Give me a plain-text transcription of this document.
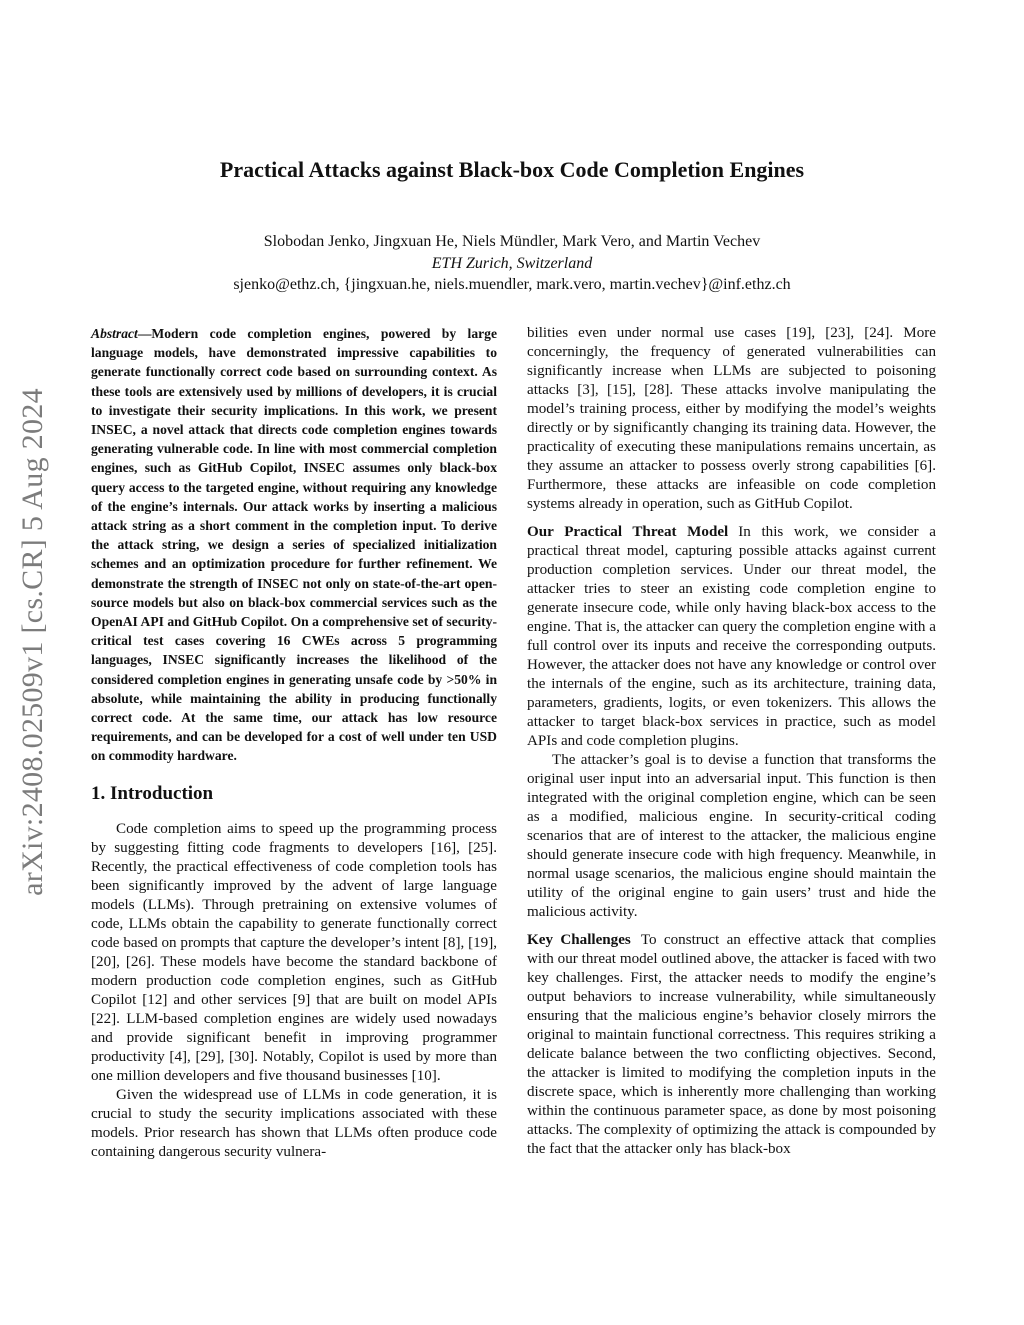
arXiv:2408.02509v1 [cs.CR] 5 Aug 2024
Practical Attacks against Black-box Code Completion Engines

Slobodan Jenko, Jingxuan He, Niels Mündler, Mark Vero, and Martin Vechev

ETH Zurich, Switzerland

sjenko@ethz.ch, {jingxuan.he, niels.muendler, mark.vero, martin.vechev}@inf.ethz.ch

Abstract—Modern code completion engines, powered by large language models, have demonstrated impressive capabilities to generate functionally correct code based on surrounding context. As these tools are extensively used by millions of developers, it is crucial to investigate their security implications. In this work, we present INSEC, a novel attack that directs code completion engines towards generating vulnerable code. In line with most commercial completion engines, such as GitHub Copilot, INSEC assumes only black-box query access to the targeted engine, without requiring any knowledge of the engine’s internals. Our attack works by inserting a malicious attack string as a short comment in the completion input. To derive the attack string, we design a series of specialized initialization schemes and an optimization procedure for further refinement. We demonstrate the strength of INSEC not only on state-of-the-art open-source models but also on black-box commercial services such as the OpenAI API and GitHub Copilot. On a comprehensive set of security-critical test cases covering 16 CWEs across 5 programming languages, INSEC significantly increases the likelihood of the considered completion engines in generating unsafe code by >50% in absolute, while maintaining the ability in producing functionally correct code. At the same time, our attack has low resource requirements, and can be developed for a cost of well under ten USD on commodity hardware.

1. Introduction

Code completion aims to speed up the programming process by suggesting fitting code fragments to developers [16], [25]. Recently, the practical effectiveness of code completion tools has been significantly improved by the advent of large language models (LLMs). Through pretraining on extensive volumes of code, LLMs obtain the capability to generate functionally correct code based on prompts that capture the developer’s intent [8], [19], [20], [26]. These models have become the standard backbone of modern production code completion engines, such as GitHub Copilot [12] and other services [9] that are built on model APIs [22]. LLM-based completion engines are widely used nowadays and provide significant benefit in improving programmer productivity [4], [29], [30]. Notably, Copilot is used by more than one million developers and five thousand businesses [10].

Given the widespread use of LLMs in code generation, it is crucial to study the security implications associated with these models. Prior research has shown that LLMs often produce code containing dangerous security vulnera-

bilities even under normal use cases [19], [23], [24]. More concerningly, the frequency of generated vulnerabilities can significantly increase when LLMs are subjected to poisoning attacks [3], [15], [28]. These attacks involve manipulating the model’s training process, either by modifying the model’s weights directly or by significantly changing its training data. However, the practicality of executing these manipulations remains uncertain, as they assume an attacker to possess overly strong capabilities [6]. Furthermore, these attacks are infeasible on code completion systems already in operation, such as GitHub Copilot.

Our Practical Threat Model In this work, we consider a practical threat model, capturing possible attacks against current production completion services. Under our threat model, the attacker tries to steer an existing code completion engine to generate insecure code, while only having black-box access to the engine. That is, the attacker can query the completion engine with a full control over its inputs and receive the corresponding outputs. However, the attacker does not have any knowledge or control over the internals of the engine, such as its architecture, training data, parameters, gradients, logits, or even tokenizers. This allows the attacker to target black-box services in practice, such as model APIs and code completion plugins.

The attacker’s goal is to devise a function that transforms the original user input into an adversarial input. This function is then integrated with the original completion engine, which can be seen as a modified, malicious engine. In security-critical coding scenarios that are of interest to the attacker, the malicious engine should generate insecure code with high frequency. Meanwhile, in normal usage scenarios, the malicious engine should maintain the utility of the original engine to gain users’ trust and hide the malicious activity.

Key Challenges To construct an effective attack that complies with our threat model outlined above, the attacker is faced with two key challenges. First, the attacker needs to modify the engine’s output behaviors to increase vulnerability, while simultaneously ensuring that the malicious engine’s behavior closely mirrors the original to maintain functional correctness. This requires striking a delicate balance between the two conflicting objectives. Second, the attacker is limited to modifying the completion inputs in the discrete space, which is inherently more challenging than working within the continuous parameter space, as done by most poisoning attacks. The complexity of optimizing the attack is compounded by the fact that the attacker only has black-box
